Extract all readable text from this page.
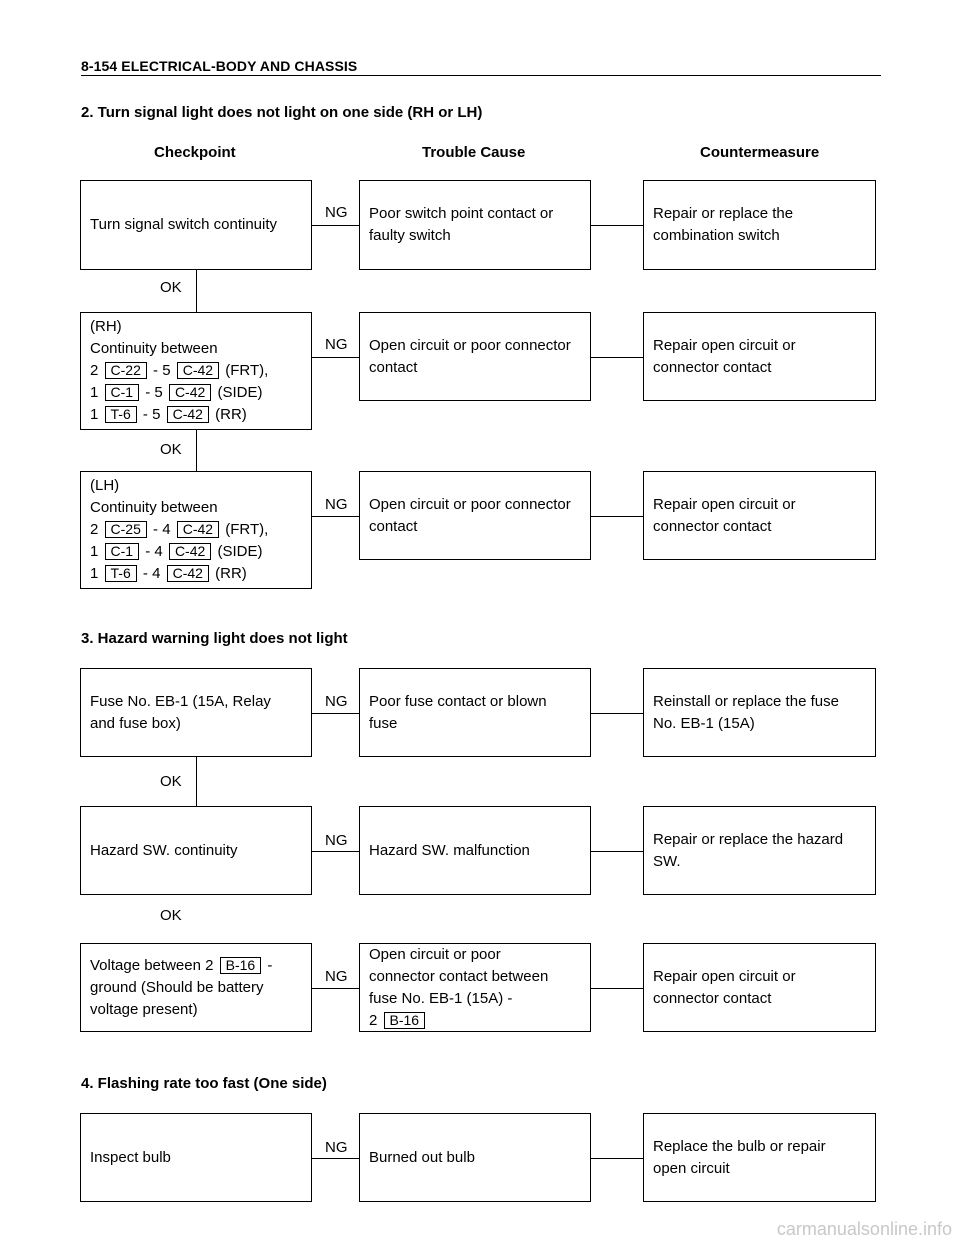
8-154 ELECTRICAL-BODY AND CHASSIS
2. Turn signal light does not light on one side (RH or LH)
Checkpoint	Trouble Cause	Countermeasure
Turn signal switch continuity
NG Poor switch point contact or
faulty switch
Repair or replace the
combination switch
OK
(RH)
Continuity between
2 C-22 - 5 C-42 (FRT),
1 C-1 - 5 C-42 (SIDE)
1 T-6 - 5 C-42 (RR)
NG Open circuit or poor connector
contact
Repair open circuit or
connector contact
OK
(LH)
Continuity between
2 C-25 - 4 C-42 (FRT),
1 C-1 - 4 C-42 (SIDE)
1 T-6 - 4 C-42 (RR)
NG Open circuit or poor connector
contact
Repair open circuit or
connector contact
3. Hazard warning light does not light
Fuse No. EB-1 (15A, Relay
and fuse box)
NG Poor fuse contact or blown
fuse
Reinstall or replace the fuse
No. EB-1 (15A)
OK
Hazard SW. continuity
NG
Hazard SW. malfunction
Repair or replace the hazard
SW.
OK
Voltage between 2 B-16 -
ground (Should be battery
voltage present)
NG
Open circuit or poor
connector contact between
fuse No. EB-1 (15A) -
2 B-16
Repair open circuit or
connector contact
4. Flashing rate too fast (One side)
Inspect bulb
NG
Burned out bulb
Replace the bulb or repair
open circuit
carmanualsonline.info
